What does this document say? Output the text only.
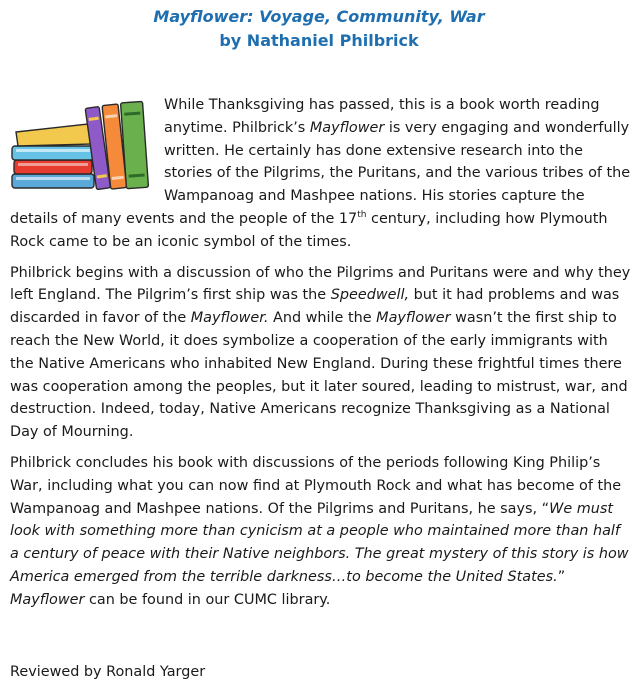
Mayflower: Voyage, Community, War
by Nathaniel Philbrick

While Thanksgiving has passed, this is a book worth reading anytime. Philbrick’s Mayflower is very engaging and wonderfully written. He certainly has done extensive research into the stories of the Pilgrims, the Puritans, and the various tribes of the Wampanoag and Mashpee nations. His stories capture the details of many events and the people of the 17th century, including how Plymouth Rock came to be an iconic symbol of the times.

Philbrick begins with a discussion of who the Pilgrims and Puritans were and why they left England. The Pilgrim’s first ship was the Speedwell, but it had problems and was discarded in favor of the Mayflower. And while the Mayflower wasn’t the first ship to reach the New World, it does symbolize a cooperation of the early immigrants with the Native Americans who inhabited New England. During these frightful times there was cooperation among the peoples, but it later soured, leading to mistrust, war, and destruction. Indeed, today, Native Americans recognize Thanksgiving as a National Day of Mourning.

Philbrick concludes his book with discussions of the periods following King Philip’s War, including what you can now find at Plymouth Rock and what has become of the Wampanoag and Mashpee nations. Of the Pilgrims and Puritans, he says, “We must look with something more than cynicism at a people who maintained more than half a century of peace with their Native neighbors. The great mystery of this story is how America emerged from the terrible darkness…to become the United States.” Mayflower can be found in our CUMC library.

Reviewed by Ronald Yarger
